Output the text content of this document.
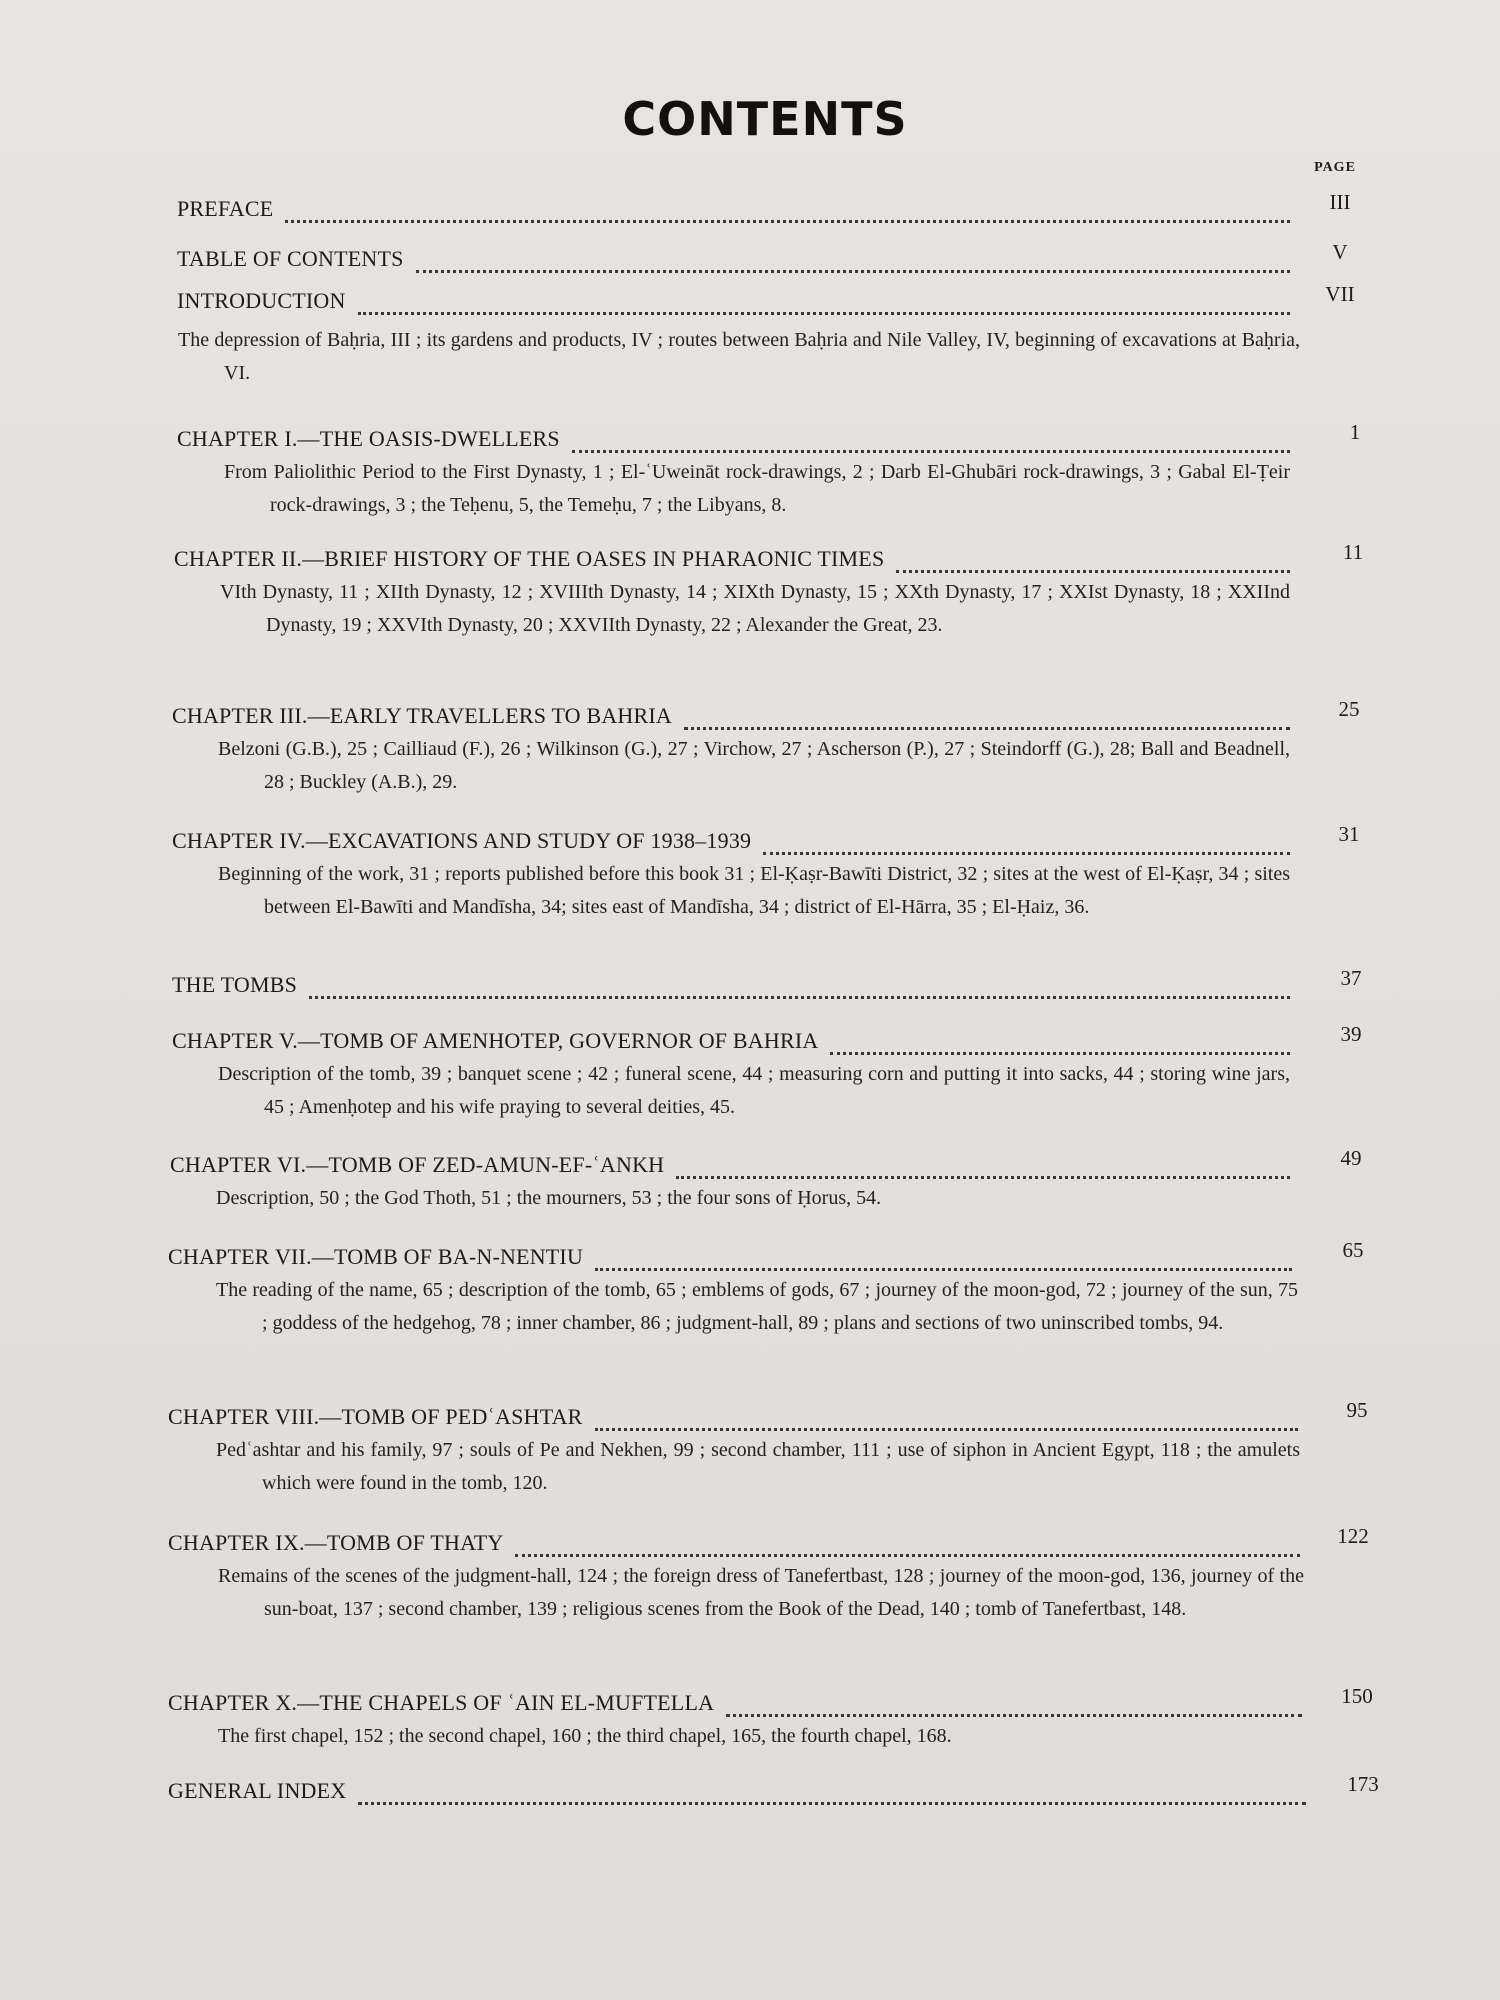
CONTENTS
PAGE
PREFACE	III
TABLE OF CONTENTS	V
INTRODUCTION	VII
The depression of Baḥria, III ; its gardens and products, IV ; routes between Baḥria and Nile Valley, IV, beginning of excavations at Baḥria, VI.
CHAPTER I.—THE OASIS-DWELLERS	1
From Paliolithic Period to the First Dynasty, 1 ; El-ʿUweināt rock-drawings, 2 ; Darb El-Ghubāri rock-drawings, 3 ; Gabal El-Ṭeir rock-drawings, 3 ; the Teḥenu, 5, the Temeḥu, 7 ; the Libyans, 8.
CHAPTER II.—BRIEF HISTORY OF THE OASES IN PHARAONIC TIMES	11
VIth Dynasty, 11 ; XIIth Dynasty, 12 ; XVIIIth Dynasty, 14 ; XIXth Dynasty, 15 ; XXth Dynasty, 17 ; XXIst Dynasty, 18 ; XXIInd Dynasty, 19 ; XXVIth Dynasty, 20 ; XXVIIth Dynasty, 22 ; Alexander the Great, 23.
CHAPTER III.—EARLY TRAVELLERS TO BAHRIA	25
Belzoni (G.B.), 25 ; Cailliaud (F.), 26 ; Wilkinson (G.), 27 ; Virchow, 27 ; Ascherson (P.), 27 ; Steindorff (G.), 28; Ball and Beadnell, 28 ; Buckley (A.B.), 29.
CHAPTER IV.—EXCAVATIONS AND STUDY OF 1938–1939	31
Beginning of the work, 31 ; reports published before this book 31 ; El-Ḳaṣr-Bawīti District, 32 ; sites at the west of El-Ḳaṣr, 34 ; sites between El-Bawīti and Mandīsha, 34; sites east of Mandīsha, 34 ; district of El-Hārra, 35 ; El-Ḥaiz, 36.
THE TOMBS	37
CHAPTER V.—TOMB OF AMENHOTEP, GOVERNOR OF BAHRIA	39
Description of the tomb, 39 ; banquet scene ; 42 ; funeral scene, 44 ; measuring corn and putting it into sacks, 44 ; storing wine jars, 45 ; Amenḥotep and his wife praying to several deities, 45.
CHAPTER VI.—TOMB OF ZED-AMUN-EF-ʿANKH	49
Description, 50 ; the God Thoth, 51 ; the mourners, 53 ; the four sons of Ḥorus, 54.
CHAPTER VII.—TOMB OF BA-N-NENTIU	65
The reading of the name, 65 ; description of the tomb, 65 ; emblems of gods, 67 ; journey of the moon-god, 72 ; journey of the sun, 75 ; goddess of the hedgehog, 78 ; inner chamber, 86 ; judgment-hall, 89 ; plans and sections of two uninscribed tombs, 94.
CHAPTER VIII.—TOMB OF PEDʿASHTAR	95
Pedʿashtar and his family, 97 ; souls of Pe and Nekhen, 99 ; second chamber, 111 ; use of siphon in Ancient Egypt, 118 ; the amulets which were found in the tomb, 120.
CHAPTER IX.—TOMB OF THATY	122
Remains of the scenes of the judgment-hall, 124 ; the foreign dress of Tanefertbast, 128 ; journey of the moon-god, 136, journey of the sun-boat, 137 ; second chamber, 139 ; religious scenes from the Book of the Dead, 140 ; tomb of Tanefertbast, 148.
CHAPTER X.—THE CHAPELS OF ʿAIN EL-MUFTELLA	150
The first chapel, 152 ; the second chapel, 160 ; the third chapel, 165, the fourth chapel, 168.
GENERAL INDEX	173
